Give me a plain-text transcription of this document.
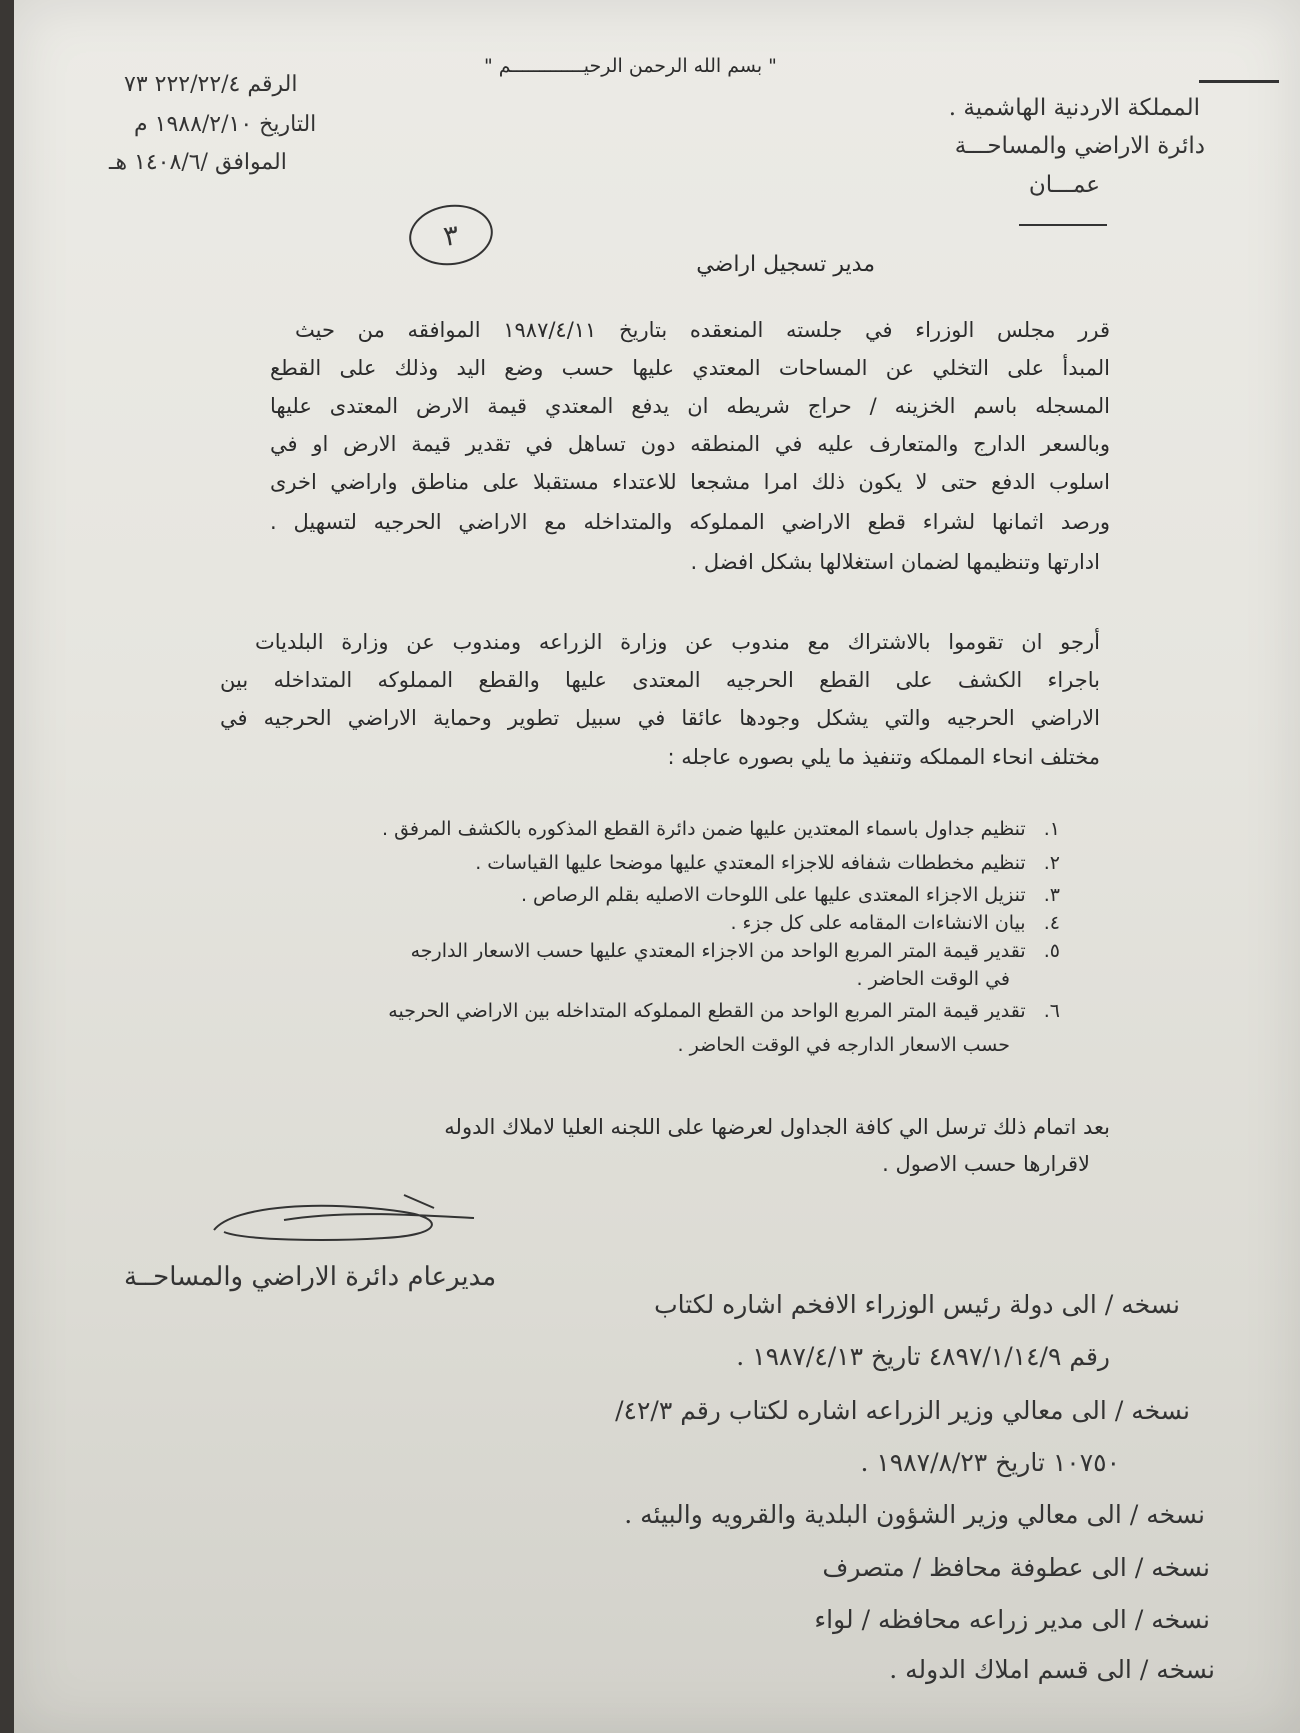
" بسم الله الرحمن الرحيـــــــــــــم "
المملكة الاردنية الهاشمية .
دائرة الاراضي والمساحـــة
عمـــان
الرقم ٢٢٢/٢٢/٤ ٧٣
التاريخ ١٩٨٨/٢/١٠ م
الموافق /١٤٠٨/٦ هـ
٣
مدير تسجيل اراضي
قرر مجلس الوزراء في جلسته المنعقده بتاريخ ١٩٨٧/٤/١١ الموافقه من حيث
المبدأ على التخلي عن المساحات المعتدي عليها حسب وضع اليد وذلك على القطع
المسجله باسم الخزينه / حراج شريطه ان يدفع المعتدي قيمة الارض المعتدى عليها
وبالسعر الدارج والمتعارف عليه في المنطقه دون تساهل في تقدير قيمة الارض او في
اسلوب الدفع حتى لا يكون ذلك امرا مشجعا للاعتداء مستقبلا على مناطق واراضي اخرى
ورصد اثمانها لشراء قطع الاراضي المملوكه والمتداخله مع الاراضي الحرجيه لتسهيل .
ادارتها وتنظيمها لضمان استغلالها بشكل افضل .
أرجو ان تقوموا بالاشتراك مع مندوب عن وزارة الزراعه ومندوب عن وزارة البلديات
باجراء الكشف على القطع الحرجيه المعتدى عليها والقطع المملوكه المتداخله بين
الاراضي الحرجيه والتي يشكل وجودها عائقا في سبيل تطوير وحماية الاراضي الحرجيه في
مختلف انحاء المملكه وتنفيذ ما يلي بصوره عاجله :
١.   تنظيم جداول باسماء المعتدين عليها ضمن دائرة القطع المذكوره بالكشف المرفق .
٢.   تنظيم مخططات شفافه للاجزاء المعتدي عليها موضحا عليها القياسات .
٣.   تنزيل الاجزاء المعتدى عليها على اللوحات الاصليه بقلم الرصاص .
٤.   بيان الانشاءات المقامه على كل جزء .
٥.   تقدير قيمة المتر المربع الواحد من الاجزاء المعتدي عليها حسب الاسعار الدارجه
في الوقت الحاضر .
٦.   تقدير قيمة المتر المربع الواحد من القطع المملوكه المتداخله بين الاراضي الحرجيه
حسب الاسعار الدارجه في الوقت الحاضر .
بعد اتمام ذلك ترسل الي كافة الجداول لعرضها على اللجنه العليا لاملاك الدوله
لاقرارها حسب الاصول .
مديرعام دائرة الاراضي والمساحــة
نسخه / الى دولة رئيس الوزراء الافخم اشاره لكتاب
رقم ٤٨٩٧/١/١٤/٩ تاريخ ١٩٨٧/٤/١٣ .
نسخه / الى معالي وزير الزراعه اشاره لكتاب رقم ٤٢/٣/
١٠٧٥٠ تاريخ ١٩٨٧/٨/٢٣ .
نسخه / الى معالي وزير الشؤون البلدية والقرويه والبيئه .
نسخه / الى عطوفة محافظ / متصرف
نسخه / الى مدير زراعه محافظه / لواء
نسخه / الى قسم املاك الدوله .
